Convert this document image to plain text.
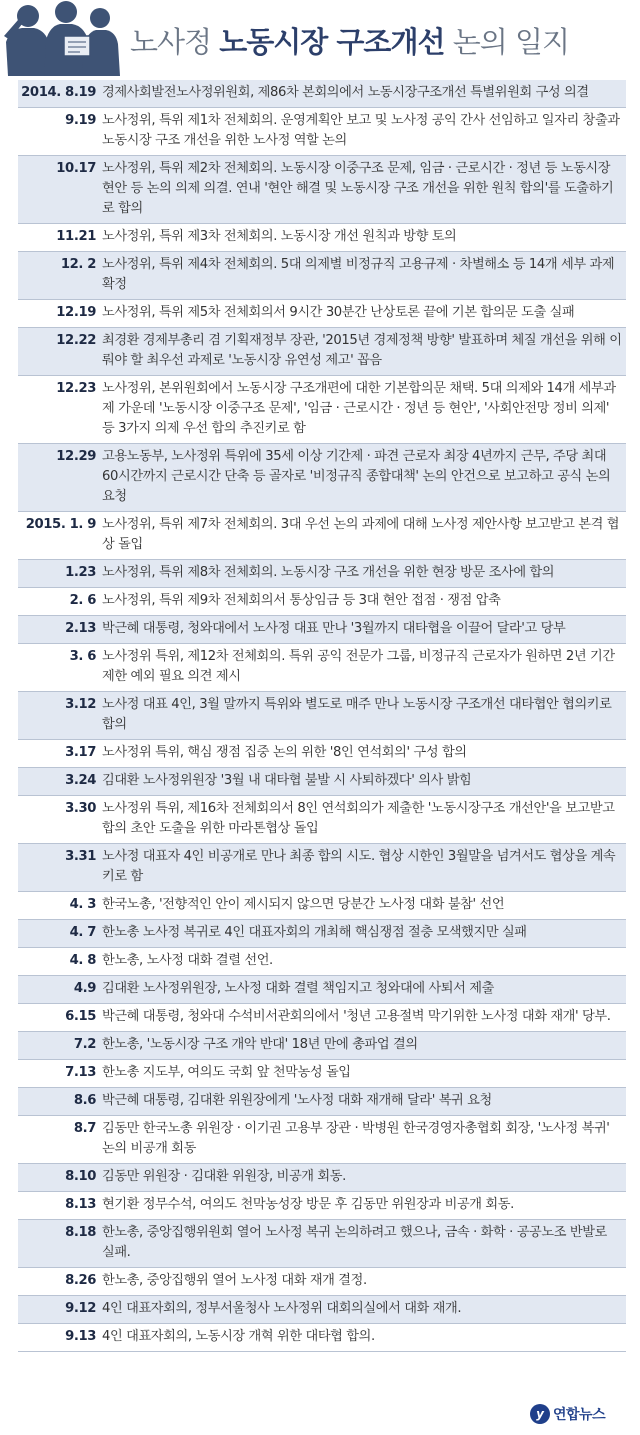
노사정 노동시장 구조개선 논의 일지
2014. 8.19 경제사회발전노사정위원회, 제86차 본회의에서 노동시장구조개선 특별위원회 구성 의결
9.19 노사정위, 특위 제1차 전체회의. 운영계획안 보고 및 노사정 공익 간사 선임하고 일자리 창출과 노동시장 구조 개선을 위한 노사정 역할 논의
10.17 노사정위, 특위 제2차 전체회의. 노동시장 이중구조 문제, 임금 · 근로시간 · 정년 등 노동시장 현안 등 논의 의제 의결. 연내 '현안 해결 및 노동시장 구조 개선을 위한 원칙 합의'를 도출하기로 합의
11.21 노사정위, 특위 제3차 전체회의. 노동시장 개선 원칙과 방향 토의
12. 2 노사정위, 특위 제4차 전체회의. 5대 의제별 비정규직 고용규제 · 차별해소 등 14개 세부 과제 확정
12.19 노사정위, 특위 제5차 전체회의서 9시간 30분간 난상토론 끝에 기본 합의문 도출 실패
12.22 최경환 경제부총리 겸 기획재정부 장관, '2015년 경제정책 방향' 발표하며 체질 개선을 위해 이뤄야 할 최우선 과제로 '노동시장 유연성 제고' 꼽음
12.23 노사정위, 본위원회에서 노동시장 구조개편에 대한 기본합의문 채택. 5대 의제와 14개 세부과제 가운데 '노동시장 이중구조 문제', '임금 · 근로시간 · 정년 등 현안', '사회안전망 정비 의제' 등 3가지 의제 우선 합의 추진키로 함
12.29 고용노동부, 노사정위 특위에 35세 이상 기간제 · 파견 근로자 최장 4년까지 근무, 주당 최대 60시간까지 근로시간 단축 등 골자로 '비정규직 종합대책' 논의 안건으로 보고하고 공식 논의 요청
2015. 1. 9 노사정위, 특위 제7차 전체회의. 3대 우선 논의 과제에 대해 노사정 제안사항 보고받고 본격 협상 돌입
1.23 노사정위, 특위 제8차 전체회의. 노동시장 구조 개선을 위한 현장 방문 조사에 합의
2. 6 노사정위, 특위 제9차 전체회의서 통상임금 등 3대 현안 접점 · 쟁점 압축
2.13 박근혜 대통령, 청와대에서 노사정 대표 만나 '3월까지 대타협을 이끌어 달라'고 당부
3. 6 노사정위 특위, 제12차 전체회의. 특위 공익 전문가 그룹, 비정규직 근로자가 원하면 2년 기간제한 예외 필요 의견 제시
3.12 노사정 대표 4인, 3월 말까지 특위와 별도로 매주 만나 노동시장 구조개선 대타협안 협의키로 합의
3.17 노사정위 특위, 핵심 쟁점 집중 논의 위한 '8인 연석회의' 구성 합의
3.24 김대환 노사정위원장 '3월 내 대타협 불발 시 사퇴하겠다' 의사 밝힘
3.30 노사정위 특위, 제16차 전체회의서 8인 연석회의가 제출한 '노동시장구조 개선안'을 보고받고 합의 초안 도출을 위한 마라톤협상 돌입
3.31 노사정 대표자 4인 비공개로 만나 최종 합의 시도. 협상 시한인 3월말을 넘겨서도 협상을 계속키로 함
4. 3 한국노총, '전향적인 안이 제시되지 않으면 당분간 노사정 대화 불참' 선언
4. 7 한노총 노사정 복귀로 4인 대표자회의 개최해 핵심쟁점 절충 모색했지만 실패
4. 8 한노총, 노사정 대화 결렬 선언.
4.9 김대환 노사정위원장, 노사정 대화 결렬 책임지고 청와대에 사퇴서 제출
6.15 박근혜 대통령, 청와대 수석비서관회의에서 '청년 고용절벽 막기위한 노사정 대화 재개' 당부.
7.2 한노총, '노동시장 구조 개악 반대' 18년 만에 총파업 결의
7.13 한노총 지도부, 여의도 국회 앞 천막농성 돌입
8.6 박근혜 대통령, 김대환 위원장에게 '노사정 대화 재개해 달라' 복귀 요청
8.7 김동만 한국노총 위원장 · 이기권 고용부 장관 · 박병원 한국경영자총협회 회장, '노사정 복귀' 논의 비공개 회동
8.10 김동만 위원장 · 김대환 위원장, 비공개 회동.
8.13 현기환 정무수석, 여의도 천막농성장 방문 후 김동만 위원장과 비공개 회동.
8.18 한노총, 중앙집행위원회 열어 노사정 복귀 논의하려고 했으나, 금속 · 화학 · 공공노조 반발로 실패.
8.26 한노총, 중앙집행위 열어 노사정 대화 재개 결정.
9.12 4인 대표자회의, 정부서울청사 노사정위 대회의실에서 대화 재개.
9.13 4인 대표자회의, 노동시장 개혁 위한 대타협 합의.
y 연합뉴스
